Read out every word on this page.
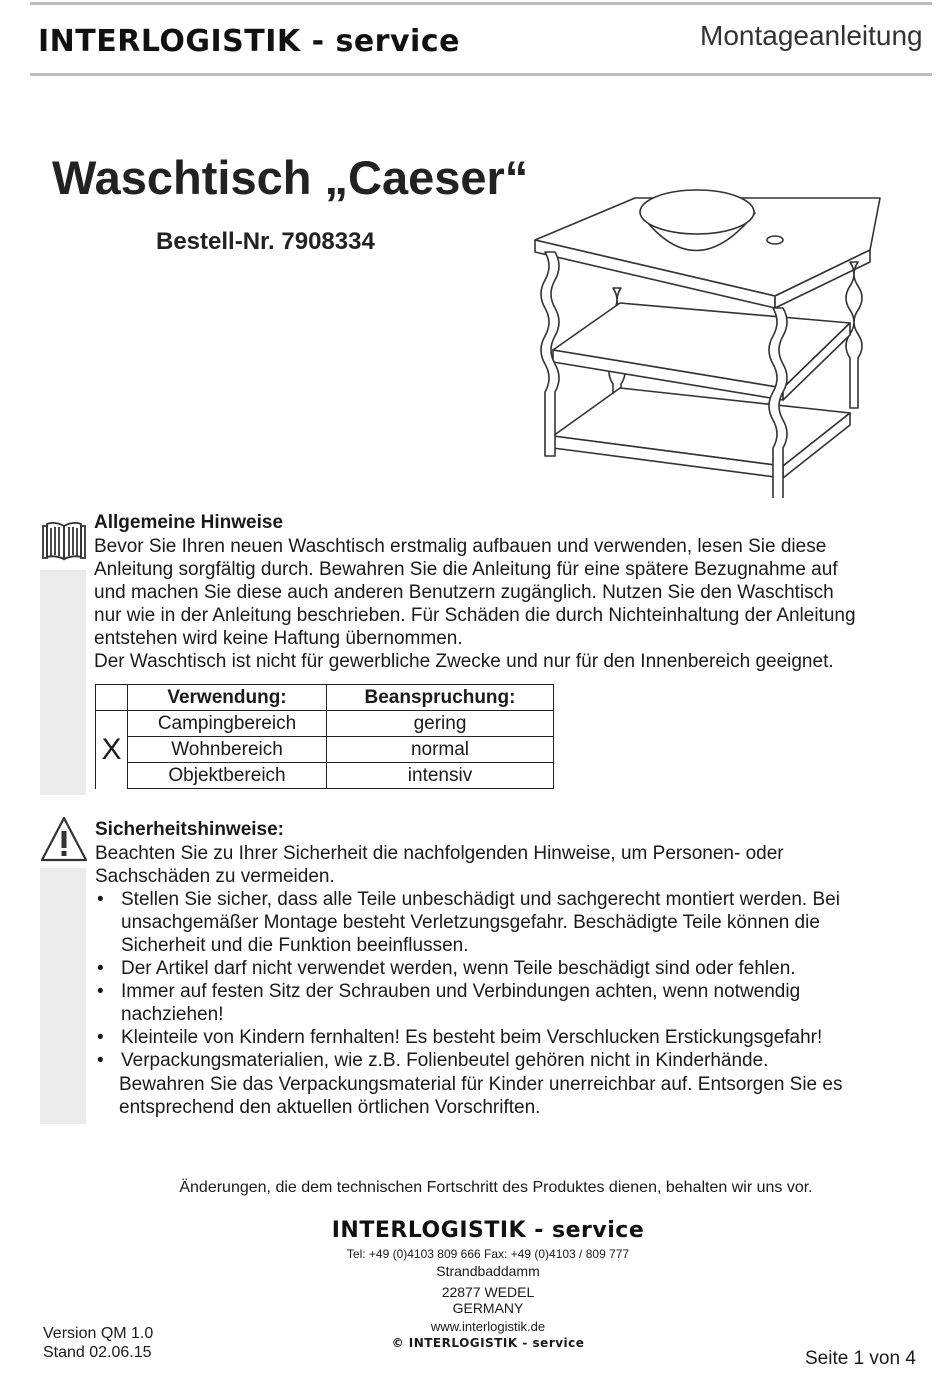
INTERLOGISTIK - service	Montageanleitung
Waschtisch „Caeser“
Bestell-Nr. 7908334
Allgemeine Hinweise
Bevor Sie Ihren neuen Waschtisch erstmalig aufbauen und verwenden, lesen Sie diese
Anleitung sorgfältig durch. Bewahren Sie die Anleitung für eine spätere Bezugnahme auf
und machen Sie diese auch anderen Benutzern zugänglich. Nutzen Sie den Waschtisch
nur wie in der Anleitung beschrieben. Für Schäden die durch Nichteinhaltung der Anleitung
entstehen wird keine Haftung übernommen.
Der Waschtisch ist nicht für gewerbliche Zwecke und nur für den Innenbereich geeignet.
	Verwendung:	Beanspruchung:
X	Campingbereich	gering
	Wohnbereich	normal
	Objektbereich	intensiv
Sicherheitshinweise:
Beachten Sie zu Ihrer Sicherheit die nachfolgenden Hinweise, um Personen- oder
Sachschäden zu vermeiden.
• Stellen Sie sicher, dass alle Teile unbeschädigt und sachgerecht montiert werden. Bei
unsachgemäßer Montage besteht Verletzungsgefahr. Beschädigte Teile können die
Sicherheit und die Funktion beeinflussen.
• Der Artikel darf nicht verwendet werden, wenn Teile beschädigt sind oder fehlen.
• Immer auf festen Sitz der Schrauben und Verbindungen achten, wenn notwendig
nachziehen!
• Kleinteile von Kindern fernhalten! Es besteht beim Verschlucken Erstickungsgefahr!
• Verpackungsmaterialien, wie z.B. Folienbeutel gehören nicht in Kinderhände.
Bewahren Sie das Verpackungsmaterial für Kinder unerreichbar auf. Entsorgen Sie es
entsprechend den aktuellen örtlichen Vorschriften.
Änderungen, die dem technischen Fortschritt des Produktes dienen, behalten wir uns vor.
INTERLOGISTIK - service
Tel: +49 (0)4103 809 666 Fax: +49 (0)4103 / 809 777
Strandbaddamm
22877 WEDEL
GERMANY
www.interlogistik.de
© INTERLOGISTIK - service
Version QM 1.0
Stand 02.06.15	Seite 1 von 4
